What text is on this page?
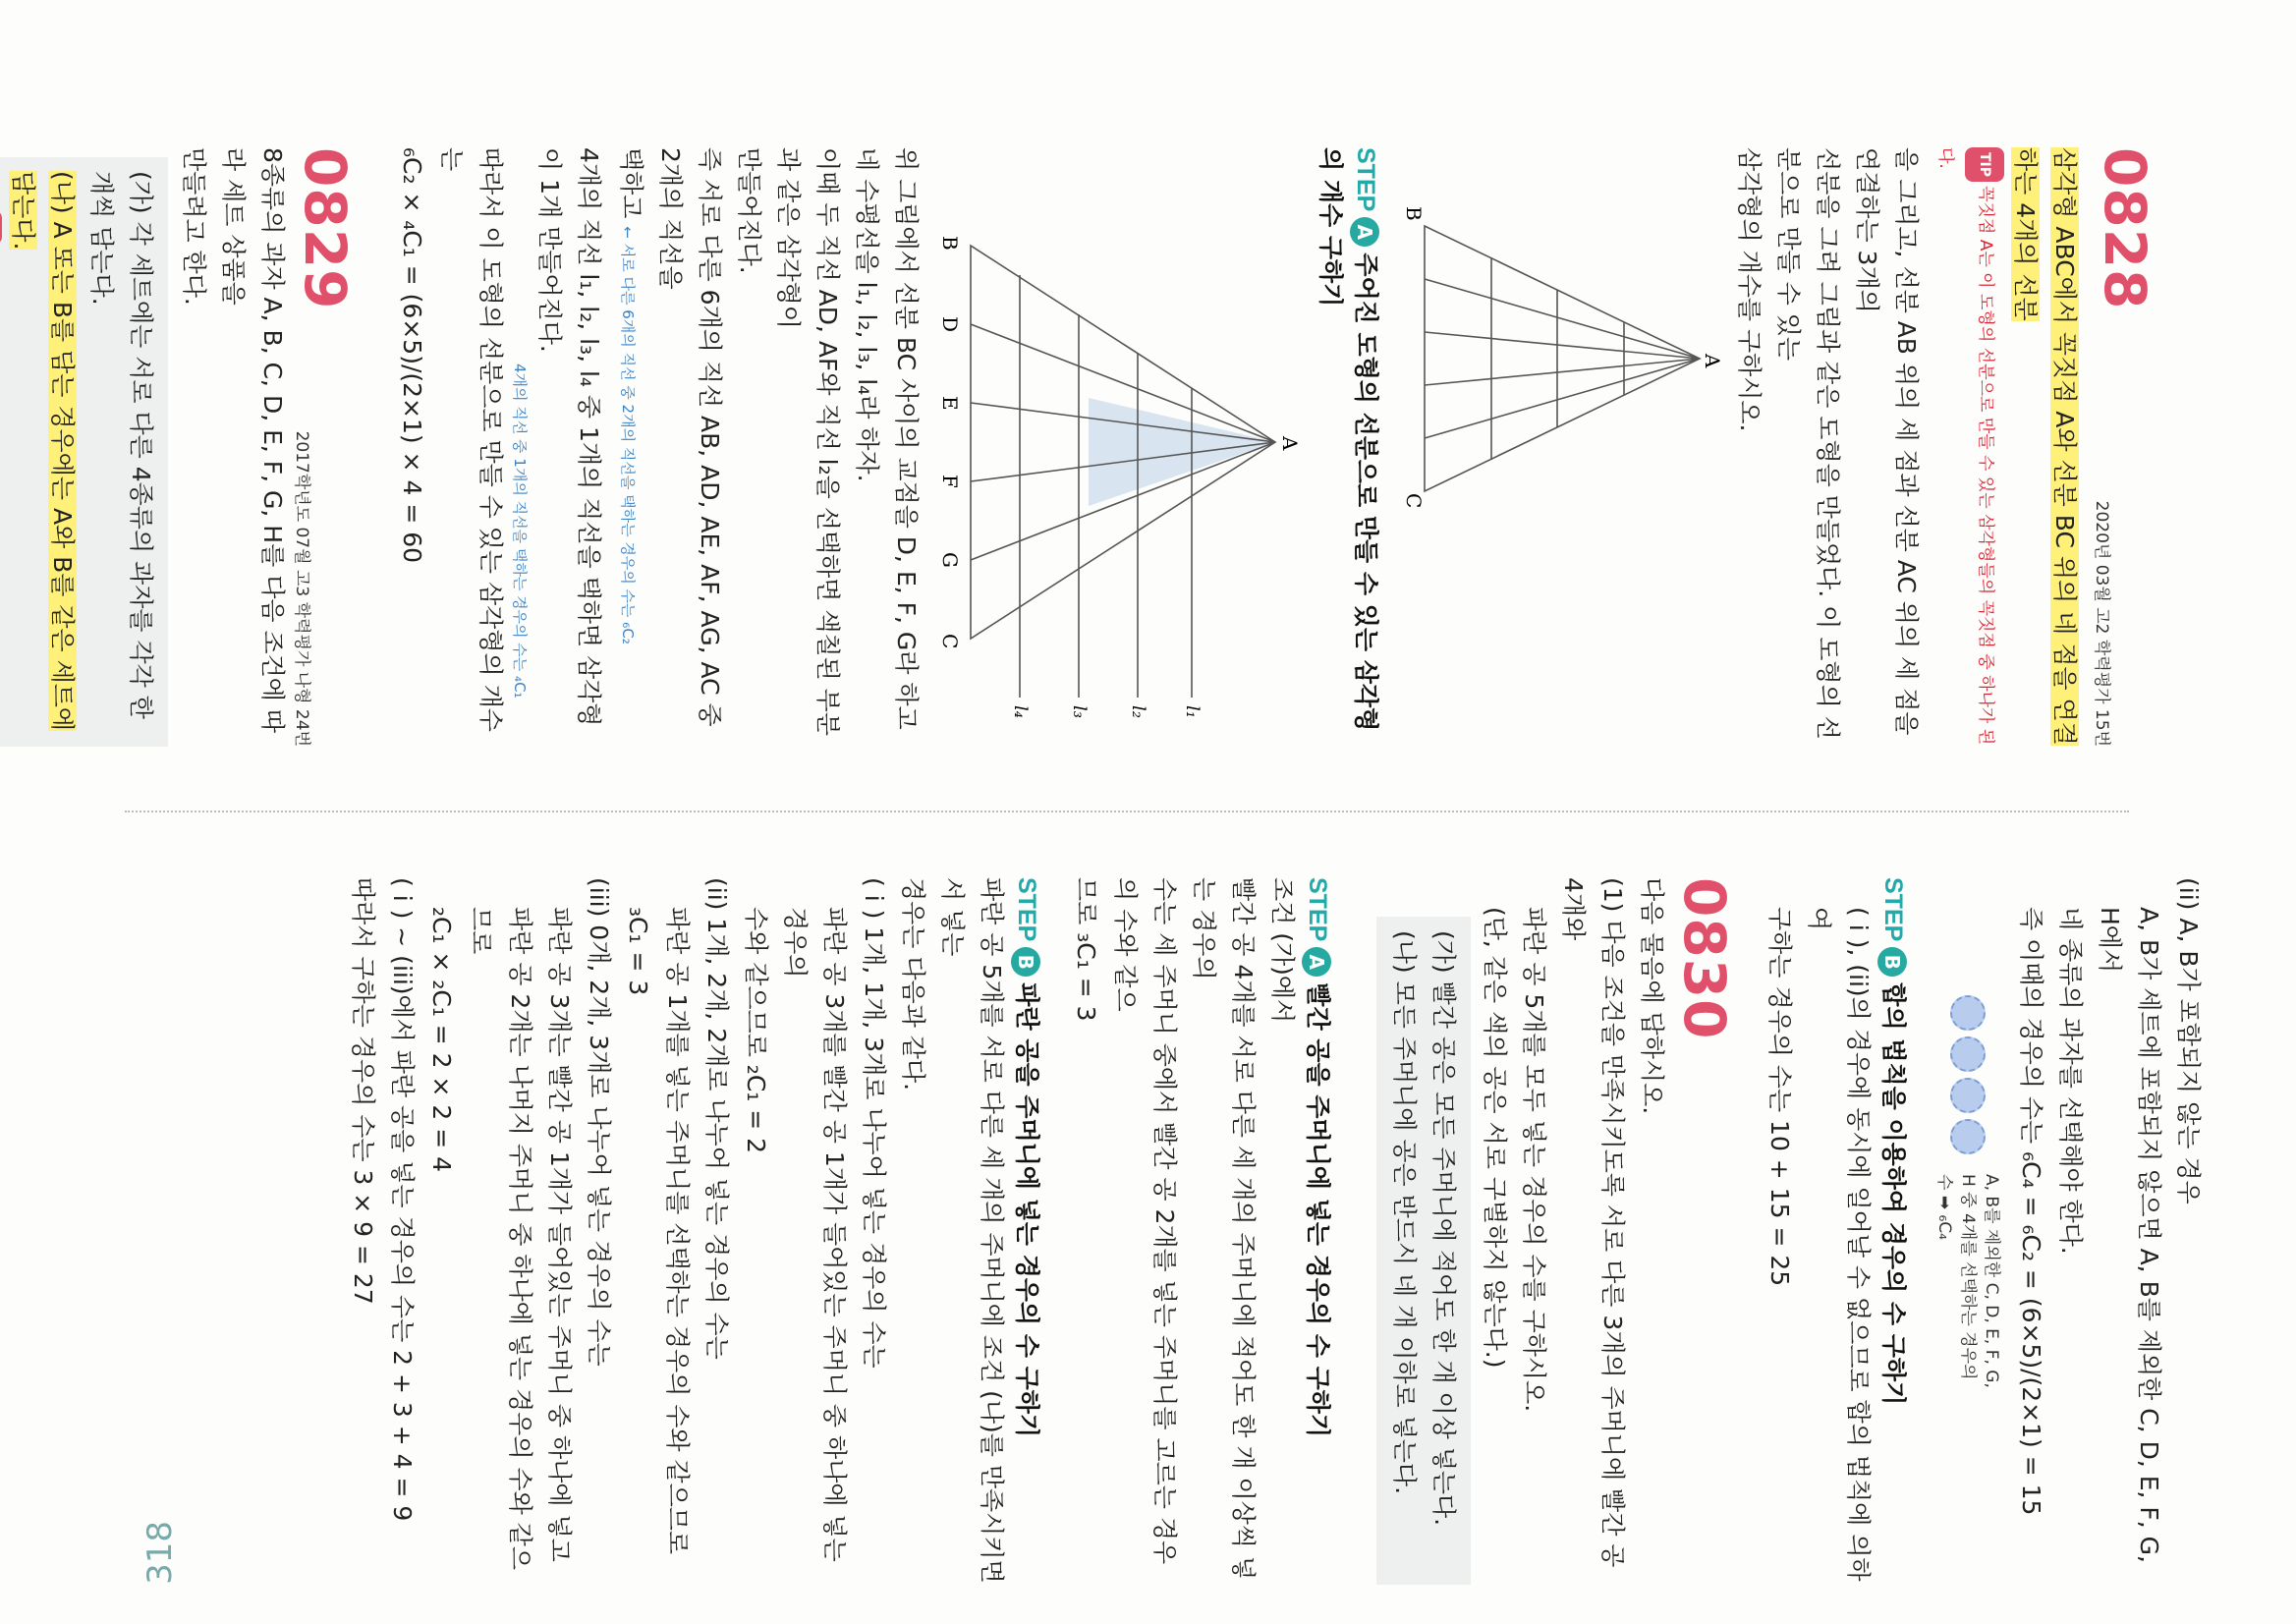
318
0828
2020년 03월 고2 학력평가 15번
삼각형 ABC에서 꼭짓점 A와 선분 BC 위의 네 점을 연결하는 4개의 선분
TIP꼭짓점 A는 이 도형의 선분으로 만들 수 있는 삼각형들의 꼭짓점 중 하나가 된다.
을 그리고, 선분 AB 위의 세 점과 선분 AC 위의 세 점을 연결하는 3개의
선분을 그려 그림과 같은 도형을 만들었다. 이 도형의 선분으로 만들 수 있는
삼각형의 개수를 구하시오.
A
B
C
STEPA주어진 도형의 선분으로 만들 수 있는 삼각형의 개수 구하기
A
B
D
E
F
G
C
l₁
l₂
l₃
l₄
위 그림에서 선분 BC 사이의 교점을 D, E, F, G라 하고
네 수평선을 l₁, l₂, l₃, l₄라 하자.
이때 두 직선 AD, AF와 직선 l₂을 선택하면 색칠된 부분과 같은 삼각형이
만들어진다.
즉 서로 다른 6개의 직선 AB, AD, AE, AF, AG, AC 중 2개의 직선을
택하고 ← 서로 다른 6개의 직선 중 2개의 직선을 택하는 경우의 수는 ₆C₂
4개의 직선 l₁, l₂, l₃, l₄ 중 1개의 직선을 택하면 삼각형이 1개 만들어진다.
4개의 직선 중 1개의 직선을 택하는 경우의 수는 ₄C₁
따라서 이 도형의 선분으로 만들 수 있는 삼각형의 개수는
₆C₂ × ₄C₁ = (6×5)/(2×1) × 4 = 60
0829
2017학년도 07월 고3 학력평가 나형 24번
8종류의 과자 A, B, C, D, E, F, G, H를 다음 조건에 따라 세트 상품을
만들려고 한다.
(가) 각 세트에는 서로 다른 4종류의 과자를 각각 한 개씩 담는다.
(나) A 또는 B를 담는 경우에는 A와 B를 같은 세트에 담는다.
(ii) A, B가 포함되지 않는 경우
A, B가 세트에 포함되지 않으면 A, B를 제외한 C, D, E, F, G, H에서
네 종류의 과자를 선택해야 한다.
즉 이때의 경우의 수는 ₆C₄ = ₆C₂ = (6×5)/(2×1) = 15
A, B를 제외한 C, D, E, F, G, H 중 4개를 선택하는 경우의 수 ➡ ₆C₄
STEPB합의 법칙을 이용하여 경우의 수 구하기
( i ), (ii)의 경우에 동시에 일어날 수 없으므로 합의 법칙에 의하여
구하는 경우의 수는 10 + 15 = 25
0830
다음 물음에 답하시오.
(1) 다음 조건을 만족시키도록 서로 다른 3개의 주머니에 빨간 공 4개와
파란 공 5개를 모두 넣는 경우의 수를 구하시오.
(단, 같은 색의 공은 서로 구별하지 않는다.)
(가) 빨간 공은 모든 주머니에 적어도 한 개 이상 넣는다.
(나) 모든 주머니에 공은 반드시 네 개 이하로 넣는다.
STEPA빨간 공을 주머니에 넣는 경우의 수 구하기
조건 (가)에서
빨간 공 4개를 서로 다른 세 개의 주머니에 적어도 한 개 이상씩 넣는 경우의
수는 세 주머니 중에서 빨간 공 2개를 넣는 주머니를 고르는 경우의 수와 같으
므로 ₃C₁ = 3
STEPB파란 공을 주머니에 넣는 경우의 수 구하기
파란 공 5개를 서로 다른 세 개의 주머니에 조건 (나)를 만족시키면서 넣는
경우는 다음과 같다.
( i ) 1개, 1개, 3개로 나누어 넣는 경우의 수는
파란 공 3개를 빨간 공 1개가 들어있는 주머니 중 하나에 넣는 경우의
수와 같으므로 ₂C₁ = 2
(ii) 1개, 2개, 2개로 나누어 넣는 경우의 수는
파란 공 1개를 넣는 주머니를 선택하는 경우의 수와 같으므로
₃C₁ = 3
(iii) 0개, 2개, 3개로 나누어 넣는 경우의 수는
파란 공 3개는 빨간 공 1개가 들어있는 주머니 중 하나에 넣고
파란 공 2개는 나머지 주머니 중 하나에 넣는 경우의 수와 같으므로
₂C₁ × ₂C₁ = 2 × 2 = 4
( i ) ~ (iii)에서 파란 공을 넣는 경우의 수는 2 + 3 + 4 = 9
따라서 구하는 경우의 수는 3 × 9 = 27
